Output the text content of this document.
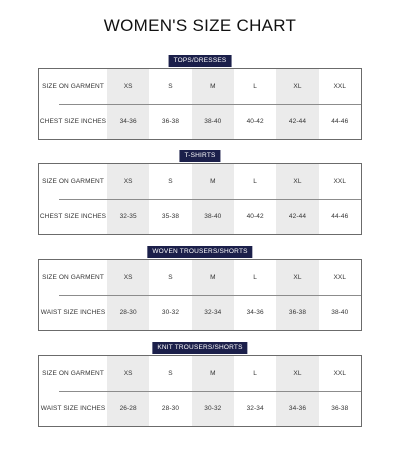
WOMEN'S SIZE CHART
TOPS/DRESSES
SIZE ON GARMENT
CHEST SIZE INCHES
XS
34-36
S
36-38
M
38-40
L
40-42
XL
42-44
XXL
44-46
T-SHIRTS
SIZE ON GARMENT
CHEST SIZE INCHES
XS
32-35
S
35-38
M
38-40
L
40-42
XL
42-44
XXL
44-46
WOVEN TROUSERS/SHORTS
SIZE ON GARMENT
WAIST SIZE INCHES
XS
28-30
S
30-32
M
32-34
L
34-36
XL
36-38
XXL
38-40
KNIT TROUSERS/SHORTS
SIZE ON GARMENT
WAIST SIZE INCHES
XS
26-28
S
28-30
M
30-32
L
32-34
XL
34-36
XXL
36-38
